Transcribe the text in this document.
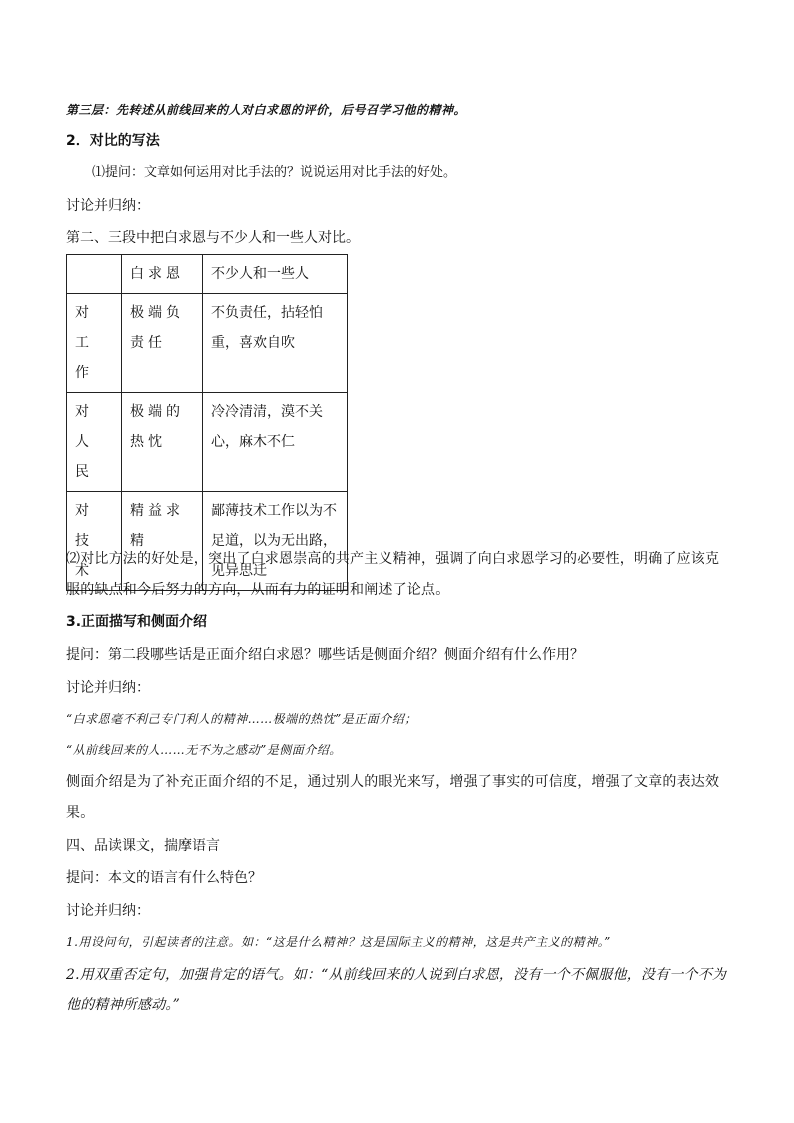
第三层：先转述从前线回来的人对白求恩的评价，后号召学习他的精神。
2．对比的写法
⑴提问：文章如何运用对比手法的？说说运用对比手法的好处。
讨论并归纳：
第二、三段中把白求恩与不少人和一些人对比。
	白求恩	不少人和一些人
对工作	极端负责任	不负责任，拈轻怕重，喜欢自吹
对人民	极端的热忱	冷冷清清，漠不关心，麻木不仁
对技术	精益求精	鄙薄技术工作以为不足道，以为无出路，见异思迁
⑵对比方法的好处是，突出了白求恩崇高的共产主义精神，强调了向白求恩学习的必要性，明确了应该克服的缺点和今后努力的方向，从而有力的证明和阐述了论点。
3.正面描写和侧面介绍
提问：第二段哪些话是正面介绍白求恩？哪些话是侧面介绍？侧面介绍有什么作用？
讨论并归纳：
“白求恩毫不利己专门利人的精神……极端的热忱”是正面介绍；
“从前线回来的人……无不为之感动”是侧面介绍。
侧面介绍是为了补充正面介绍的不足，通过别人的眼光来写，增强了事实的可信度，增强了文章的表达效果。
四、品读课文，揣摩语言
提问：本文的语言有什么特色？
讨论并归纳：
1.用设问句，引起读者的注意。如：“这是什么精神？这是国际主义的精神，这是共产主义的精神。”
2.用双重否定句，加强肯定的语气。如：“从前线回来的人说到白求恩，没有一个不佩服他，没有一个不为他的精神所感动。”
